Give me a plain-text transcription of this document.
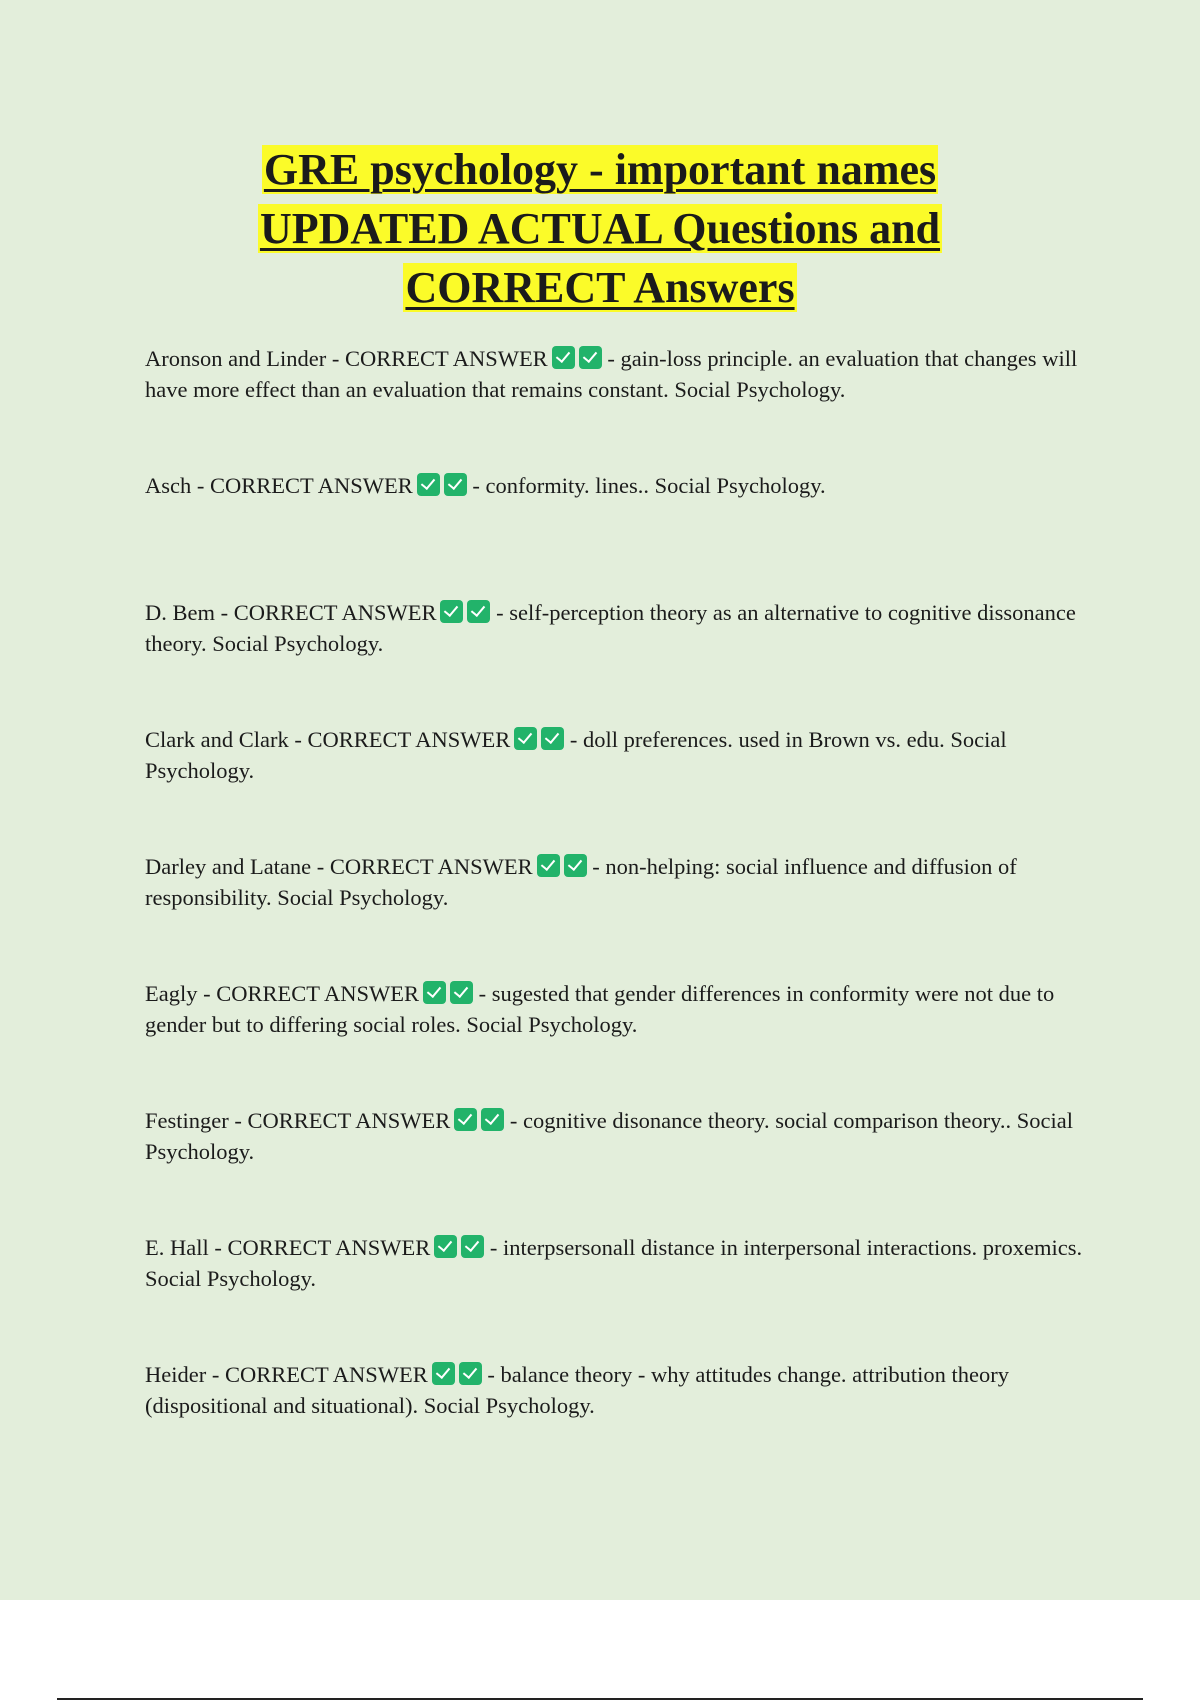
GRE psychology - important names
UPDATED ACTUAL Questions and
CORRECT Answers

Aronson and Linder - CORRECT ANSWER	- gain-loss principle. an evaluation that changes will have more effect than an evaluation that remains constant. Social Psychology.

Asch - CORRECT ANSWER	- conformity. lines.. Social Psychology.

D. Bem - CORRECT ANSWER	- self-perception theory as an alternative to cognitive dissonance theory. Social Psychology.

Clark and Clark - CORRECT ANSWER	- doll preferences. used in Brown vs. edu. Social Psychology.

Darley and Latane - CORRECT ANSWER	- non-helping: social influence and diffusion of responsibility. Social Psychology.

Eagly - CORRECT ANSWER	- sugested that gender differences in conformity were not due to gender but to differing social roles. Social Psychology.

Festinger - CORRECT ANSWER	- cognitive disonance theory. social comparison theory.. Social Psychology.

E. Hall - CORRECT ANSWER	- interpsersonall distance in interpersonal interactions. proxemics. Social Psychology.

Heider - CORRECT ANSWER	- balance theory - why attitudes change. attribution theory (dispositional and situational). Social Psychology.
